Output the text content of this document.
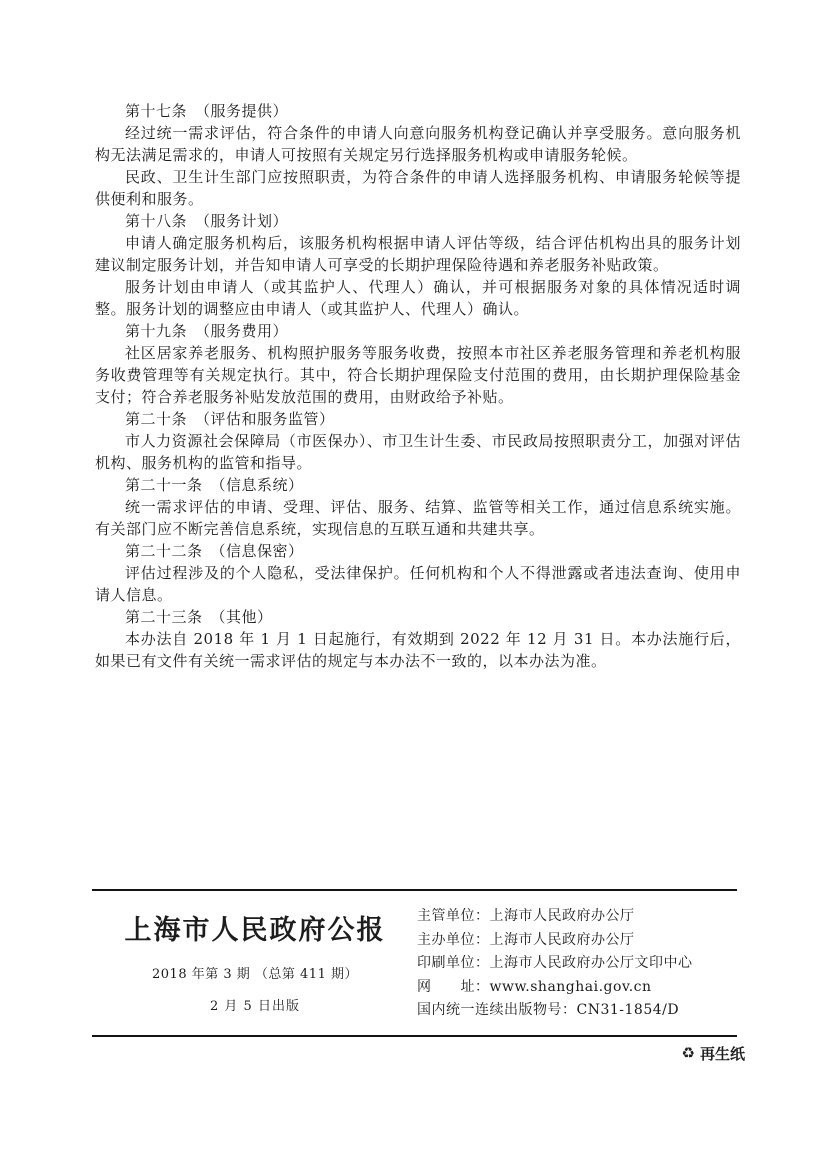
第十七条　（服务提供）

经过统一需求评估，符合条件的申请人向意向服务机构登记确认并享受服务。意向服务机构无法满足需求的，申请人可按照有关规定另行选择服务机构或申请服务轮候。

民政、卫生计生部门应按照职责，为符合条件的申请人选择服务机构、申请服务轮候等提供便利和服务。

第十八条　（服务计划）

申请人确定服务机构后，该服务机构根据申请人评估等级，结合评估机构出具的服务计划建议制定服务计划，并告知申请人可享受的长期护理保险待遇和养老服务补贴政策。

服务计划由申请人（或其监护人、代理人）确认，并可根据服务对象的具体情况适时调整。服务计划的调整应由申请人（或其监护人、代理人）确认。

第十九条　（服务费用）

社区居家养老服务、机构照护服务等服务收费，按照本市社区养老服务管理和养老机构服务收费管理等有关规定执行。其中，符合长期护理保险支付范围的费用，由长期护理保险基金支付；符合养老服务补贴发放范围的费用，由财政给予补贴。

第二十条　（评估和服务监管）

市人力资源社会保障局（市医保办）、市卫生计生委、市民政局按照职责分工，加强对评估机构、服务机构的监管和指导。

第二十一条　（信息系统）

统一需求评估的申请、受理、评估、服务、结算、监管等相关工作，通过信息系统实施。有关部门应不断完善信息系统，实现信息的互联互通和共建共享。

第二十二条　（信息保密）

评估过程涉及的个人隐私，受法律保护。任何机构和个人不得泄露或者违法查询、使用申请人信息。

第二十三条　（其他）

本办法自 2018 年 1 月 1 日起施行，有效期到 2022 年 12 月 31 日。本办法施行后，如果已有文件有关统一需求评估的规定与本办法不一致的，以本办法为准。

上海市人民政府公报
2018 年第 3 期 （总第 411 期）
2 月 5 日出版
主管单位：上海市人民政府办公厅
主办单位：上海市人民政府办公厅
印刷单位：上海市人民政府办公厅文印中心
网　　址：www.shanghai.gov.cn
国内统一连续出版物号：CN31-1854/D
♻ 再生纸
